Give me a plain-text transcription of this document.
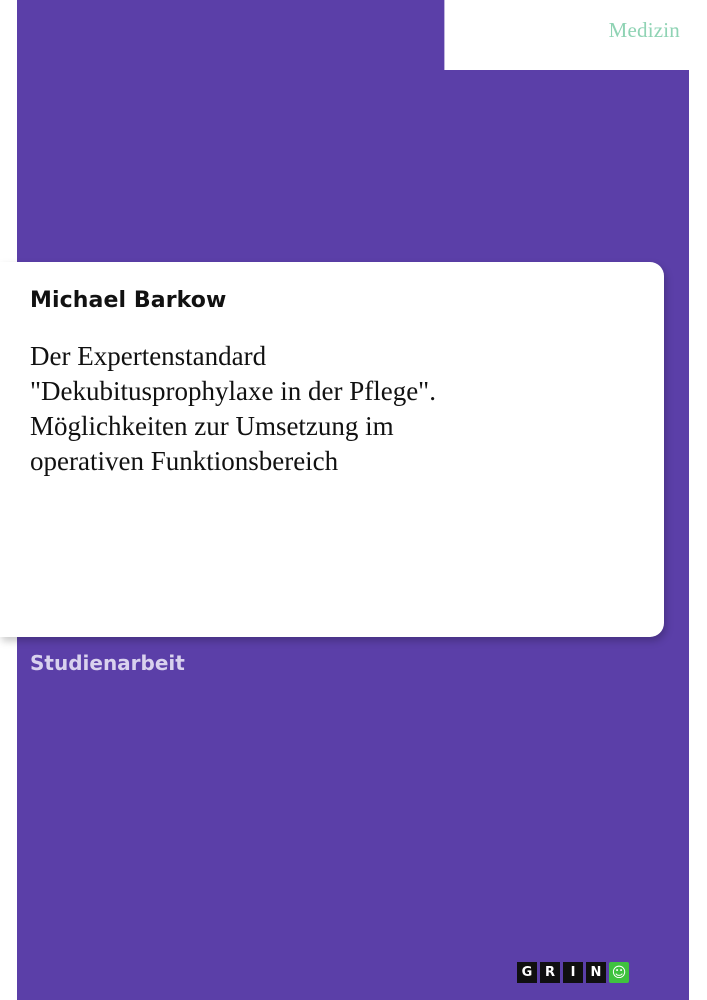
Medizin
Michael Barkow
Der Expertenstandard
"Dekubitusprophylaxe in der Pflege".
Möglichkeiten zur Umsetzung im
operativen Funktionsbereich
Studienarbeit
G R	I	N ☺
